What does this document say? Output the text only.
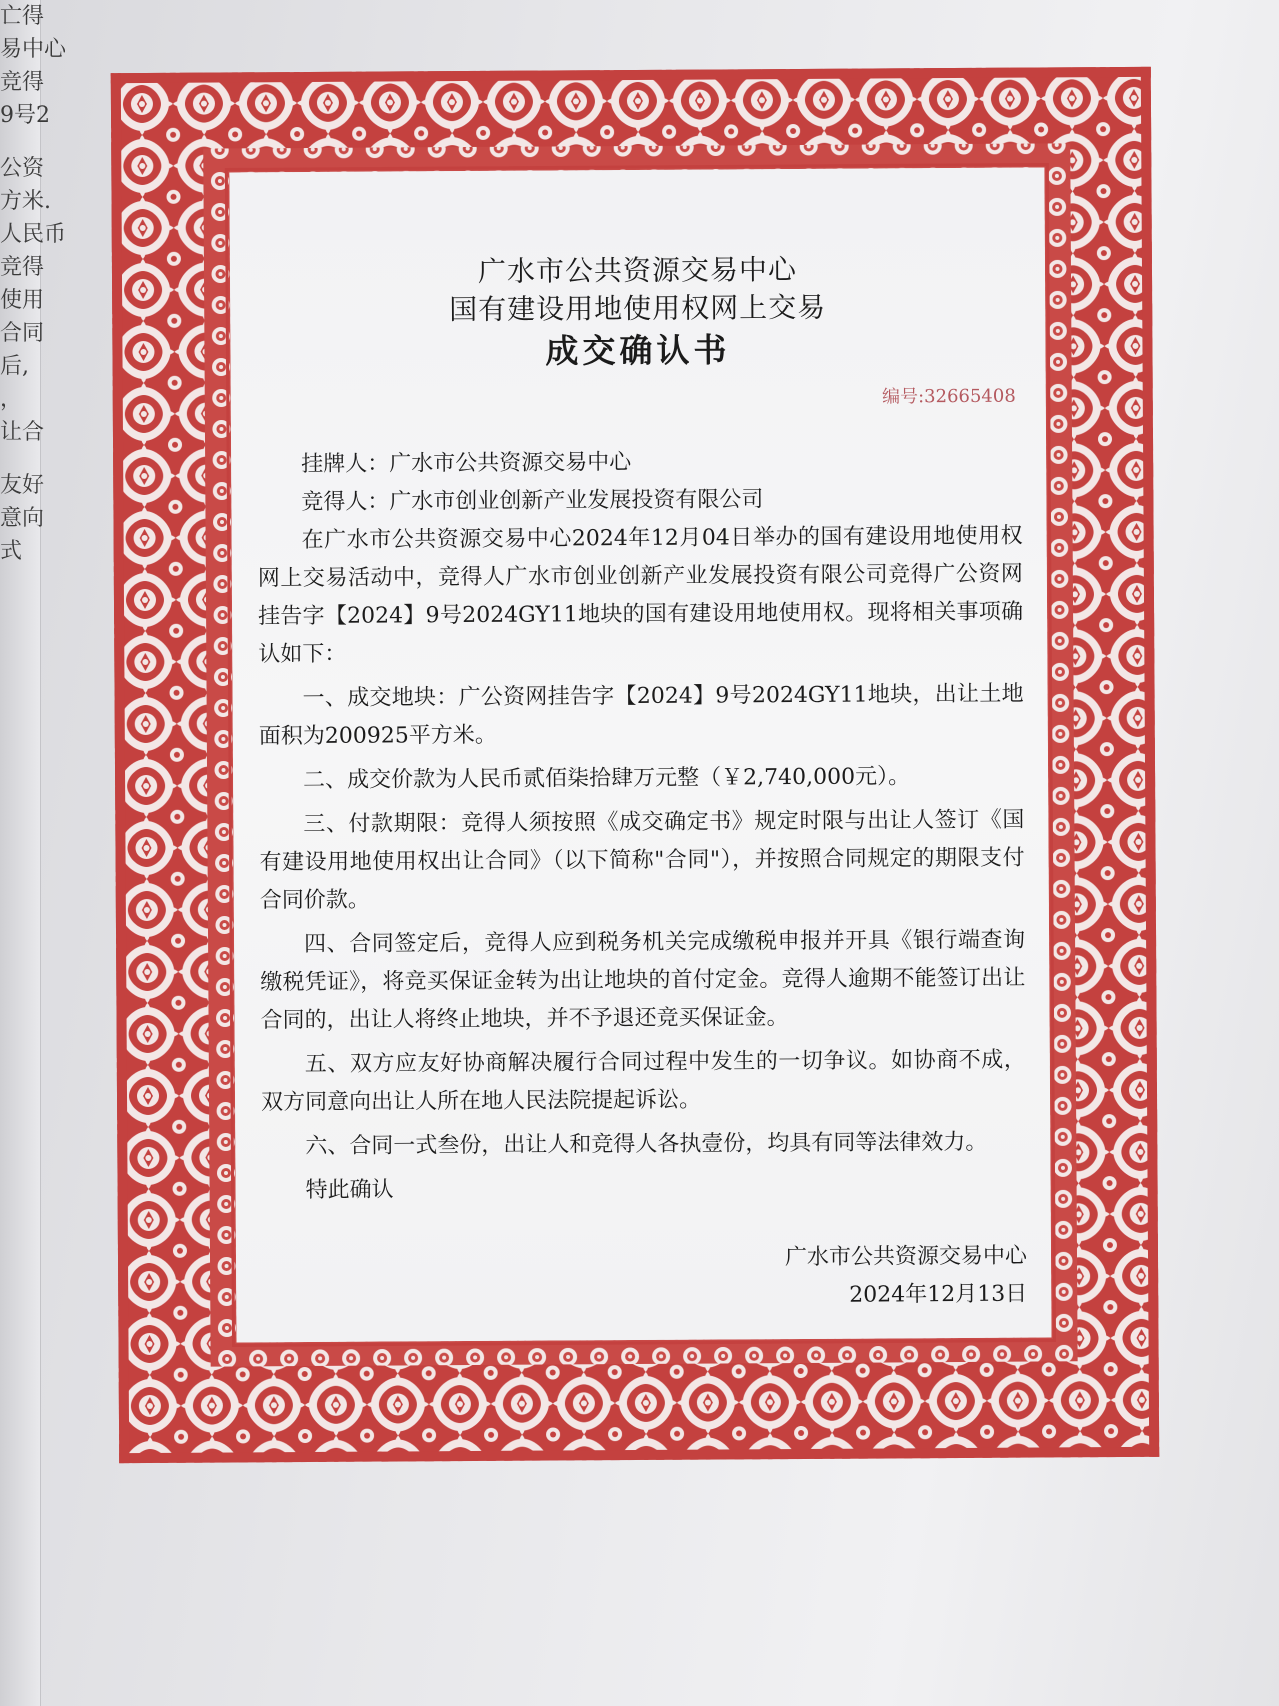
亡得
易中心
竞得
9号2
公资
方米.
人民币
竞得
使用
合同
后,
，
让合
友好
意向
式
广水市公共资源交易中心
国有建设用地使用权网上交易
成交确认书
编号:32665408

挂牌人：广水市公共资源交易中心

竞得人：广水市创业创新产业发展投资有限公司

在广水市公共资源交易中心2024年12月04日举办的国有建设用地使用权网上交易活动中，竞得人广水市创业创新产业发展投资有限公司竞得广公资网挂告字【2024】9号2024GY11地块的国有建设用地使用权。现将相关事项确认如下：

一、成交地块：广公资网挂告字【2024】9号2024GY11地块，出让土地面积为200925平方米。

二、成交价款为人民币贰佰柒拾肆万元整（￥2,740,000元）。

三、付款期限：竞得人须按照《成交确定书》规定时限与出让人签订《国有建设用地使用权出让合同》（以下简称"合同"），并按照合同规定的期限支付合同价款。

四、合同签定后，竞得人应到税务机关完成缴税申报并开具《银行端查询缴税凭证》，将竞买保证金转为出让地块的首付定金。竞得人逾期不能签订出让合同的，出让人将终止地块，并不予退还竞买保证金。

五、双方应友好协商解决履行合同过程中发生的一切争议。如协商不成，双方同意向出让人所在地人民法院提起诉讼。

六、合同一式叁份，出让人和竞得人各执壹份，均具有同等法律效力。

特此确认

广水市公共资源交易中心
2024年12月13日
